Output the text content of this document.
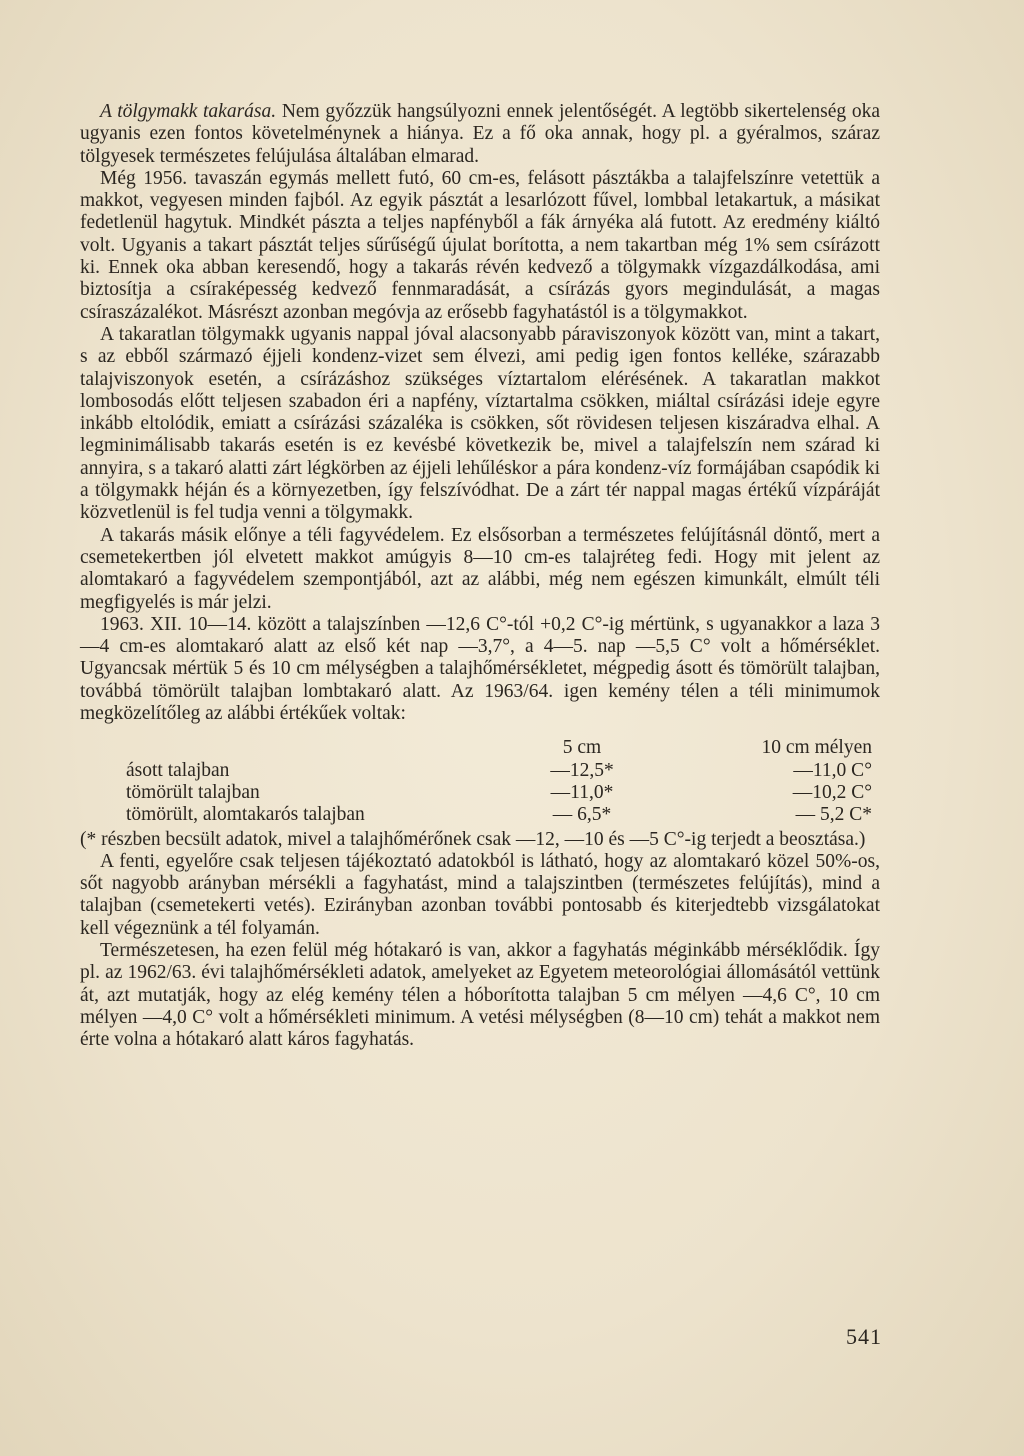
A tölgymakk takarása. Nem győzzük hangsúlyozni ennek jelentőségét. A legtöbb sikertelenség oka ugyanis ezen fontos követelménynek a hiánya. Ez a fő oka annak, hogy pl. a gyéralmos, száraz tölgyesek természetes felújulása általában elmarad.

Még 1956. tavaszán egymás mellett futó, 60 cm-es, felásott pásztákba a talajfelszínre vetettük a makkot, vegyesen minden fajból. Az egyik pásztát a lesarlózott fűvel, lombbal letakartuk, a másikat fedetlenül hagytuk. Mindkét pászta a teljes napfényből a fák árnyéka alá futott. Az eredmény kiáltó volt. Ugyanis a takart pásztát teljes sűrűségű újulat borította, a nem takartban még 1% sem csírázott ki. Ennek oka abban keresendő, hogy a takarás révén kedvező a tölgymakk vízgazdálkodása, ami biztosítja a csíraképesség kedvező fennmaradását, a csírázás gyors megindulását, a magas csíraszázalékot. Másrészt azonban megóvja az erősebb fagyhatástól is a tölgymakkot.

A takaratlan tölgymakk ugyanis nappal jóval alacsonyabb páraviszonyok között van, mint a takart, s az ebből származó éjjeli kondenz-vizet sem élvezi, ami pedig igen fontos kelléke, szárazabb talajviszonyok esetén, a csírázáshoz szükséges víztartalom elérésének. A takaratlan makkot lombosodás előtt teljesen szabadon éri a napfény, víztartalma csökken, miáltal csírázási ideje egyre inkább eltolódik, emiatt a csírázási százaléka is csökken, sőt rövidesen teljesen kiszáradva elhal. A legminimálisabb takarás esetén is ez kevésbé következik be, mivel a talajfelszín nem szárad ki annyira, s a takaró alatti zárt légkörben az éjjeli lehűléskor a pára kondenz-víz formájában csapódik ki a tölgymakk héján és a környezetben, így felszívódhat. De a zárt tér nappal magas értékű vízpáráját közvetlenül is fel tudja venni a tölgymakk.

A takarás másik előnye a téli fagyvédelem. Ez elsősorban a természetes felújításnál döntő, mert a csemetekertben jól elvetett makkot amúgyis 8—10 cm-es talajréteg fedi. Hogy mit jelent az alomtakaró a fagyvédelem szempontjából, azt az alábbi, még nem egészen kimunkált, elmúlt téli megfigyelés is már jelzi.

1963. XII. 10—14. között a talajszínben —12,6 C°-tól +0,2 C°-ig mértünk, s ugyanakkor a laza 3—4 cm-es alomtakaró alatt az első két nap —3,7°, a 4—5. nap —5,5 C° volt a hőmérséklet. Ugyancsak mértük 5 és 10 cm mélységben a talajhőmérsékletet, mégpedig ásott és tömörült talajban, továbbá tömörült talajban lombtakaró alatt. Az 1963/64. igen kemény télen a téli minimumok megközelítőleg az alábbi értékűek voltak:

	5 cm	10 cm mélyen
ásott talajban	—12,5*	—11,0 C°
tömörült talajban	—11,0*	—10,2 C°
tömörült, alomtakarós talajban	— 6,5*	— 5,2 C*

(* részben becsült adatok, mivel a talajhőmérőnek csak —12, —10 és —5 C°-ig terjedt a beosztása.)

A fenti, egyelőre csak teljesen tájékoztató adatokból is látható, hogy az alomtakaró közel 50%-os, sőt nagyobb arányban mérsékli a fagyhatást, mind a talajszintben (természetes felújítás), mind a talajban (csemetekerti vetés). Ezirányban azonban további pontosabb és kiterjedtebb vizsgálatokat kell végeznünk a tél folyamán.

Természetesen, ha ezen felül még hótakaró is van, akkor a fagyhatás méginkább mérséklődik. Így pl. az 1962/63. évi talajhőmérsékleti adatok, amelyeket az Egyetem meteorológiai állomásától vettünk át, azt mutatják, hogy az elég kemény télen a hóborította talajban 5 cm mélyen —4,6 C°, 10 cm mélyen —4,0 C° volt a hőmérsékleti minimum. A vetési mélységben (8—10 cm) tehát a makkot nem érte volna a hótakaró alatt káros fagyhatás.

541
